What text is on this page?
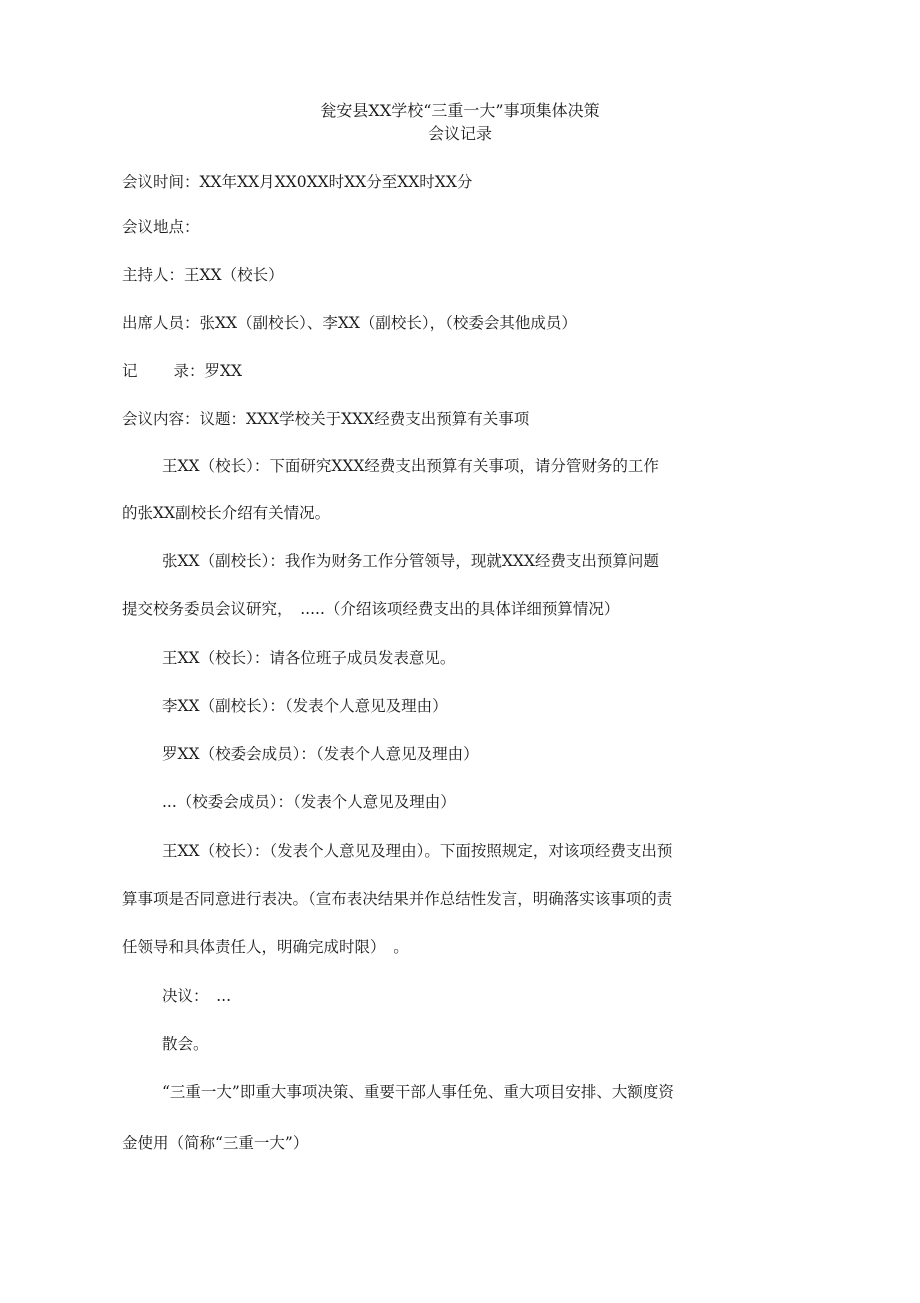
瓮安县XX学校“三重一大”事项集体决策
会议记录
会议时间：XX年XX月XX0XX时XX分至XX时XX分
会议地点：
主持人：王XX（校长）
出席人员：张XX（副校长）、李XX（副校长），（校委会其他成员）
记 录：罗XX
会议内容：议题：XXX学校关于XXX经费支出预算有关事项
王XX（校长）：下面研究XXX经费支出预算有关事项，请分管财务的工作
的张XX副校长介绍有关情况。
张XX（副校长）：我作为财务工作分管领导，现就XXX经费支出预算问题
提交校务委员会议研究，　.....（介绍该项经费支出的具体详细预算情况）
王XX（校长）：请各位班子成员发表意见。
李XX（副校长）：（发表个人意见及理由）
罗XX（校委会成员）：（发表个人意见及理由）
...（校委会成员）：（发表个人意见及理由）
王XX（校长）：（发表个人意见及理由）。下面按照规定，对该项经费支出预
算事项是否同意进行表决。（宣布表决结果并作总结性发言，明确落实该事项的责
任领导和具体责任人，明确完成时限）　。
决议：　...
散会。
“三重一大”即重大事项决策、重要干部人事任免、重大项目安排、大额度资
金使用（简称“三重一大”）
